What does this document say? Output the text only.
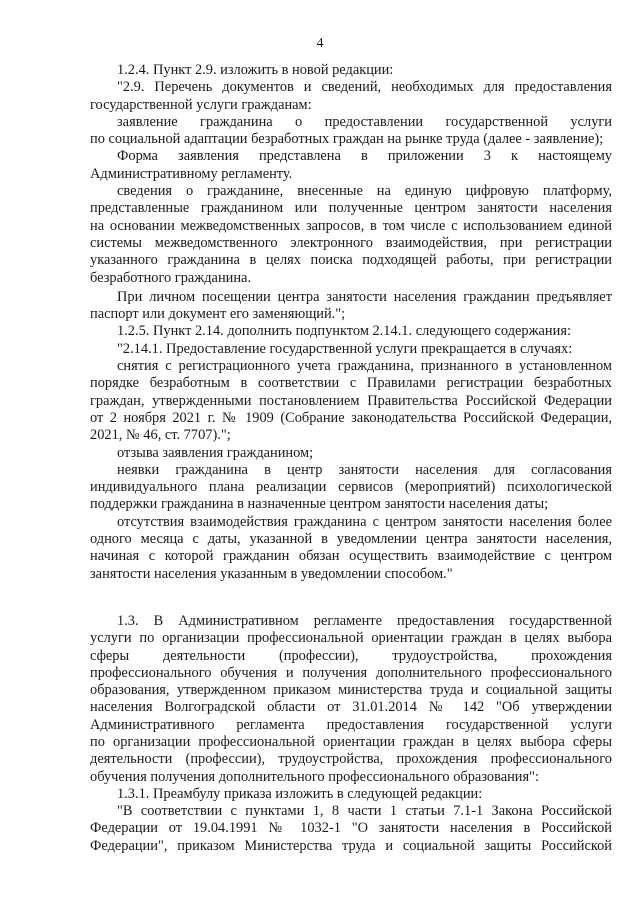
4
1.2.4. Пункт 2.9. изложить в новой редакции:
"2.9. Перечень документов и сведений, необходимых для предоставления
государственной услуги гражданам:
заявление гражданина о предоставлении государственной услуги
по социальной адаптации безработных граждан на рынке труда (далее - заявление);
Форма заявления представлена в приложении 3 к настоящему
Административному регламенту.
сведения о гражданине, внесенные на единую цифровую платформу,
представленные гражданином или полученные центром занятости населения
на основании межведомственных запросов, в том числе с использованием единой
системы межведомственного электронного взаимодействия, при регистрации
указанного гражданина в целях поиска подходящей работы, при регистрации
безработного гражданина.
При личном посещении центра занятости населения гражданин предъявляет
паспорт или документ его заменяющий.";
1.2.5. Пункт 2.14. дополнить подпунктом 2.14.1. следующего содержания:
"2.14.1. Предоставление государственной услуги прекращается в случаях:
снятия с регистрационного учета гражданина, признанного в установленном
порядке безработным в соответствии с Правилами регистрации безработных
граждан, утвержденными постановлением Правительства Российской Федерации
от 2 ноября 2021 г. № 1909 (Собрание законодательства Российской Федерации,
2021, № 46, ст. 7707).";
отзыва заявления гражданином;
неявки гражданина в центр занятости населения для согласования
индивидуального плана реализации сервисов (мероприятий) психологической
поддержки гражданина в назначенные центром занятости населения даты;
отсутствия взаимодействия гражданина с центром занятости населения более
одного месяца с даты, указанной в уведомлении центра занятости населения,
начиная с которой гражданин обязан осуществить взаимодействие с центром
занятости населения указанным в уведомлении способом."
1.3. В Административном регламенте предоставления государственной
услуги по организации профессиональной ориентации граждан в целях выбора
сферы деятельности (профессии), трудоустройства, прохождения
профессионального обучения и получения дополнительного профессионального
образования, утвержденном приказом министерства труда и социальной защиты
населения Волгоградской области от 31.01.2014 № 142 "Об утверждении
Административного регламента предоставления государственной услуги
по организации профессиональной ориентации граждан в целях выбора сферы
деятельности (профессии), трудоустройства, прохождения профессионального
обучения получения дополнительного профессионального образования":
1.3.1. Преамбулу приказа изложить в следующей редакции:
"В соответствии с пунктами 1, 8 части 1 статьи 7.1-1 Закона Российской
Федерации от 19.04.1991 № 1032-1 "О занятости населения в Российской
Федерации", приказом Министерства труда и социальной защиты Российской
